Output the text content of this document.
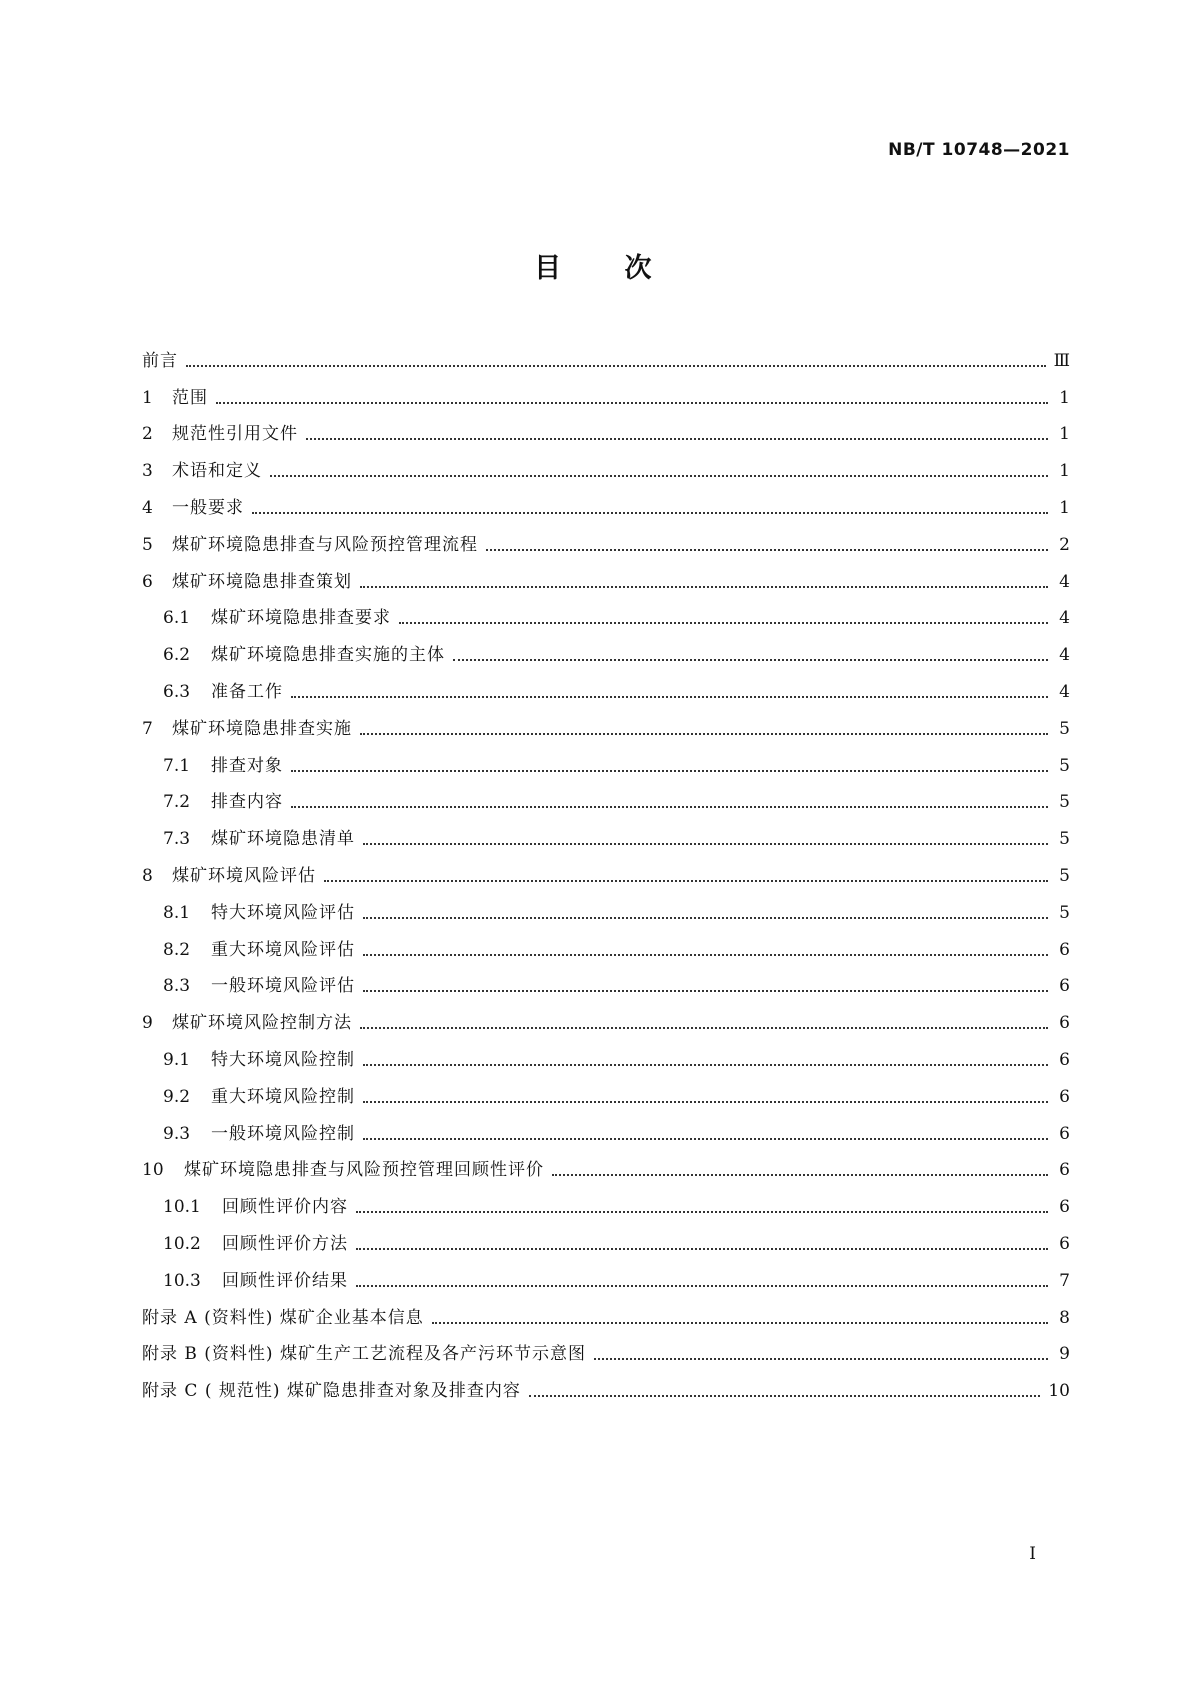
NB/T 10748—2021
目 次
前言	Ⅲ
1	范围	1
2	规范性引用文件	1
3	术语和定义	1
4	一般要求	1
5	煤矿环境隐患排查与风险预控管理流程	2
6	煤矿环境隐患排查策划	4
6.1	煤矿环境隐患排查要求	4
6.2	煤矿环境隐患排查实施的主体	4
6.3	准备工作	4
7	煤矿环境隐患排查实施	5
7.1	排查对象	5
7.2	排查内容	5
7.3	煤矿环境隐患清单	5
8	煤矿环境风险评估	5
8.1	特大环境风险评估	5
8.2	重大环境风险评估	6
8.3	一般环境风险评估	6
9	煤矿环境风险控制方法	6
9.1	特大环境风险控制	6
9.2	重大环境风险控制	6
9.3	一般环境风险控制	6
10	煤矿环境隐患排查与风险预控管理回顾性评价	6
10.1	回顾性评价内容	6
10.2	回顾性评价方法	6
10.3	回顾性评价结果	7
附录 A (资料性) 煤矿企业基本信息	8
附录 B (资料性) 煤矿生产工艺流程及各产污环节示意图	9
附录 C ( 规范性) 煤矿隐患排查对象及排查内容	10
I
